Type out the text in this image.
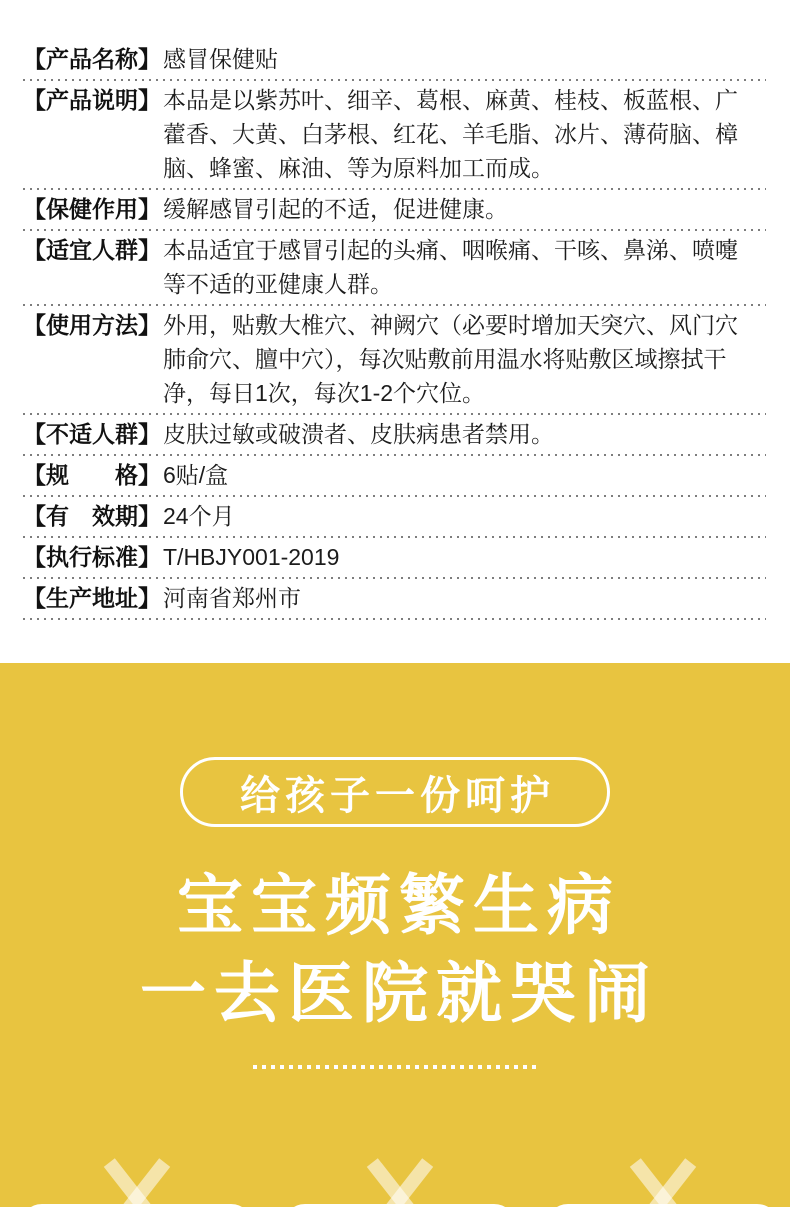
【产品名称】 感冒保健贴
【产品说明】 本品是以紫苏叶、细辛、葛根、麻黄、桂枝、板蓝根、广藿香、大黄、白茅根、红花、羊毛脂、冰片、薄荷脑、樟脑、蜂蜜、麻油、等为原料加工而成。
【保健作用】 缓解感冒引起的不适，促进健康。
【适宜人群】 本品适宜于感冒引起的头痛、咽喉痛、干咳、鼻涕、喷嚏等不适的亚健康人群。
【使用方法】 外用，贴敷大椎穴、神阙穴（必要时增加天突穴、风门穴肺俞穴、膻中穴），每次贴敷前用温水将贴敷区域擦拭干净，每日1次，每次1-2个穴位。
【不适人群】 皮肤过敏或破溃者、皮肤病患者禁用。
【规　　格】 6贴/盒
【有　效期】 24个月
【执行标准】 T/HBJY001-2019
【生产地址】 河南省郑州市
给孩子一份呵护
宝宝频繁生病
一去医院就哭闹
